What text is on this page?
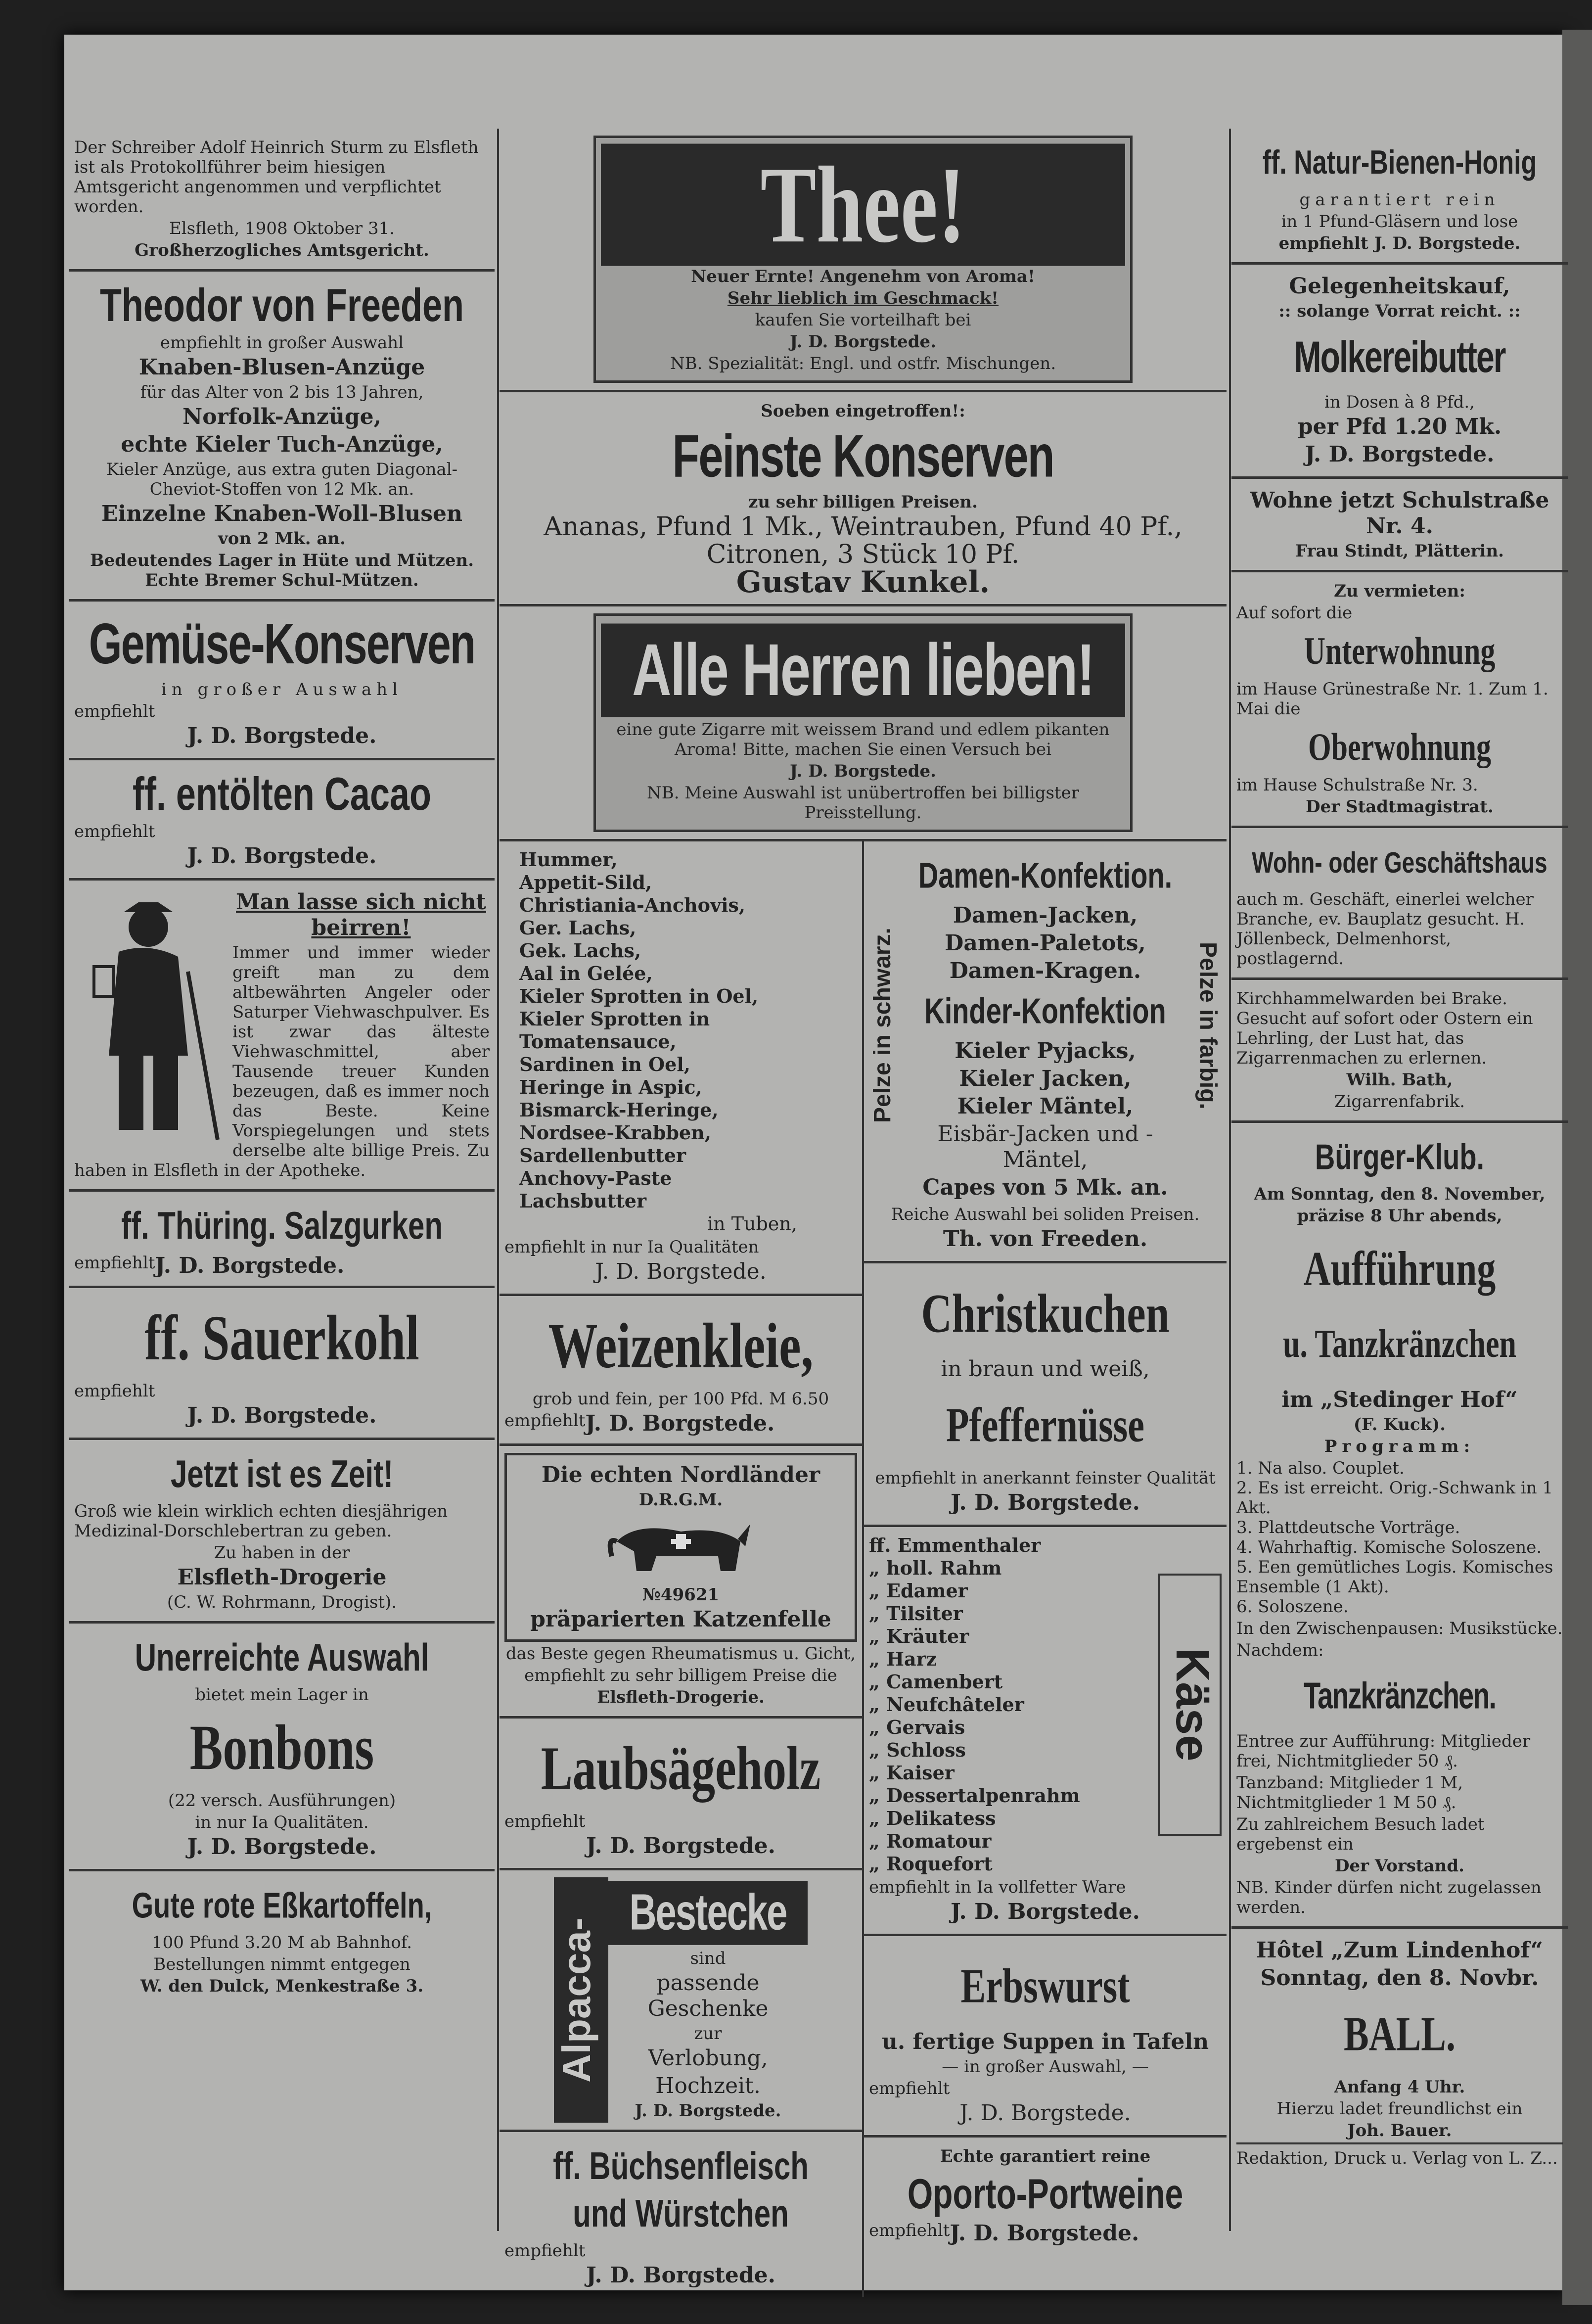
Der Schreiber Adolf Heinrich Sturm zu Elsfleth ist als Protokollführer beim hiesigen Amtsgericht angenommen und verpflichtet worden.

Elsfleth, 1908 Oktober 31.

Großherzogliches Amtsgericht.

Theodor von Freeden

empfiehlt in großer Auswahl

Knaben-Blusen-Anzüge

für das Alter von 2 bis 13 Jahren,

Norfolk-Anzüge,

echte Kieler Tuch-Anzüge,

Kieler Anzüge, aus extra guten Diagonal- Cheviot-Stoffen von 12 Mk. an.

Einzelne Knaben-Woll-Blusen

von 2 Mk. an.

Bedeutendes Lager in Hüte und Mützen. Echte Bremer Schul-Mützen.

Gemüse-Konserven

in großer Auswahl

empfiehlt

J. D. Borgstede.

ff. entölten Cacao

empfiehlt

J. D. Borgstede.

Man lasse sich nicht beirren!

Immer und immer wieder greift man zu dem altbewährten Angeler oder Saturper Viehwaschpulver. Es ist zwar das älteste Viehwaschmittel, aber Tausende treuer Kunden bezeugen, daß es immer noch das Beste. Keine Vorspiegelungen und stets derselbe alte billige Preis. Zu haben in Elsfleth in der Apotheke.

ff. Thüring. Salzgurken

empfiehlt J. D. Borgstede.

ff. Sauerkohl

empfiehlt

J. D. Borgstede.

Jetzt ist es Zeit!

Groß wie klein wirklich echten diesjährigen Medizinal-Dorschlebertran zu geben.

Zu haben in der

Elsfleth-Drogerie

(C. W. Rohrmann, Drogist).

Unerreichte Auswahl

bietet mein Lager in

Bonbons

(22 versch. Ausführungen)

in nur Ia Qualitäten.

J. D. Borgstede.

Gute rote Eßkartoffeln,

100 Pfund 3.20 M ab Bahnhof.

Bestellungen nimmt entgegen

W. den Dulck, Menkestraße 3.

Thee!

Neuer Ernte! Angenehm von Aroma!

Sehr lieblich im Geschmack!

kaufen Sie vorteilhaft bei

J. D. Borgstede.

NB. Spezialität: Engl. und ostfr. Mischungen.

Soeben eingetroffen!:

Feinste Konserven

zu sehr billigen Preisen.

Ananas, Pfund 1 Mk., Weintrauben, Pfund 40 Pf.,

Citronen, 3 Stück 10 Pf.

Gustav Kunkel.

Alle Herren lieben!

eine gute Zigarre mit weissem Brand und edlem pikanten Aroma! Bitte, machen Sie einen Versuch bei

J. D. Borgstede.

NB. Meine Auswahl ist unübertroffen bei billigster Preisstellung.

Hummer,
Appetit-Sild,
Christiania-Anchovis,
Ger. Lachs,
Gek. Lachs,
Aal in Gelée,
Kieler Sprotten in Oel,
Kieler Sprotten in Tomatensauce,
Sardinen in Oel,
Heringe in Aspic,
Bismarck-Heringe,
Nordsee-Krabben,
Sardellenbutter
Anchovy-Paste
Lachsbutter
in Tuben,

empfiehlt in nur Ia Qualitäten

J. D. Borgstede.

Weizenkleie,

grob und fein, per 100 Pfd. M 6.50

empfiehlt J. D. Borgstede.

Die echten Nordländer

D.R.G.M.

№49621

präparierten Katzenfelle

das Beste gegen Rheumatismus u. Gicht,

empfiehlt zu sehr billigem Preise die

Elsfleth-Drogerie.

Laubsägeholz

empfiehlt

J. D. Borgstede.

Alpacca-

Bestecke

sind

passende Geschenke

zur

Verlobung,

Hochzeit.

J. D. Borgstede.

ff. Büchsenfleisch

und Würstchen

empfiehlt

J. D. Borgstede.

Pelze in schwarz.

Damen-Konfektion.

Damen-Jacken,

Damen-Paletots,

Damen-Kragen.

Kinder-Konfektion

Kieler Pyjacks,

Kieler Jacken,

Kieler Mäntel,

Eisbär-Jacken und -Mäntel,

Capes von 5 Mk. an.

Pelze in farbig.

Reiche Auswahl bei soliden Preisen.

Th. von Freeden.

Christkuchen

in braun und weiß,

Pfeffernüsse

empfiehlt in anerkannt feinster Qualität

J. D. Borgstede.

ff. Emmenthaler
„ holl. Rahm
„ Edamer
„ Tilsiter
„ Kräuter
„ Harz
„ Camenbert
„ Neufchâteler
„ Gervais
„ Schloss
„ Kaiser
„ Dessertalpenrahm
„ Delikatess
„ Romatour
„ Roquefort
Käse

empfiehlt in Ia vollfetter Ware

J. D. Borgstede.

Erbswurst

u. fertige Suppen in Tafeln

— in großer Auswahl, —

empfiehlt

J. D. Borgstede.

Echte garantiert reine

Oporto-Portweine

empfiehlt J. D. Borgstede.

ff. Natur-Bienen-Honig

garantiert rein

in 1 Pfund-Gläsern und lose

empfiehlt J. D. Borgstede.

Gelegenheitskauf,

:: solange Vorrat reicht. ::

Molkereibutter

in Dosen à 8 Pfd.,

per Pfd 1.20 Mk.

J. D. Borgstede.

Wohne jetzt Schulstraße Nr. 4.

Frau Stindt, Plätterin.

Zu vermieten:

Auf sofort die

Unterwohnung

im Hause Grünestraße Nr. 1. Zum 1. Mai die

Oberwohnung

im Hause Schulstraße Nr. 3.

Der Stadtmagistrat.

Wohn- oder Geschäftshaus

auch m. Geschäft, einerlei welcher Branche, ev. Bauplatz gesucht. H. Jöllenbeck, Delmenhorst, postlagernd.

Kirchhammelwarden bei Brake. Gesucht auf sofort oder Ostern ein Lehrling, der Lust hat, das Zigarrenmachen zu erlernen.

Wilh. Bath,

Zigarrenfabrik.

Bürger-Klub.

Am Sonntag, den 8. November,

präzise 8 Uhr abends,

Aufführung

u. Tanzkränzchen

im „Stedinger Hof“

(F. Kuck).

Programm:

1. Na also. Couplet.
2. Es ist erreicht. Orig.-Schwank in 1 Akt.
3. Plattdeutsche Vorträge.
4. Wahrhaftig. Komische Soloszene.
5. Een gemütliches Logis. Komisches Ensemble (1 Akt).
6. Soloszene.

In den Zwischenpausen: Musikstücke.

Nachdem:

Tanzkränzchen.

Entree zur Aufführung: Mitglieder frei, Nichtmitglieder 50 ₰.

Tanzband: Mitglieder 1 M, Nichtmitglieder 1 M 50 ₰.

Zu zahlreichem Besuch ladet ergebenst ein

Der Vorstand.

NB. Kinder dürfen nicht zugelassen werden.

Hôtel „Zum Lindenhof“

Sonntag, den 8. Novbr.

BALL.

Anfang 4 Uhr.

Hierzu ladet freundlichst ein

Joh. Bauer.

Redaktion, Druck u. Verlag von L. Z...
